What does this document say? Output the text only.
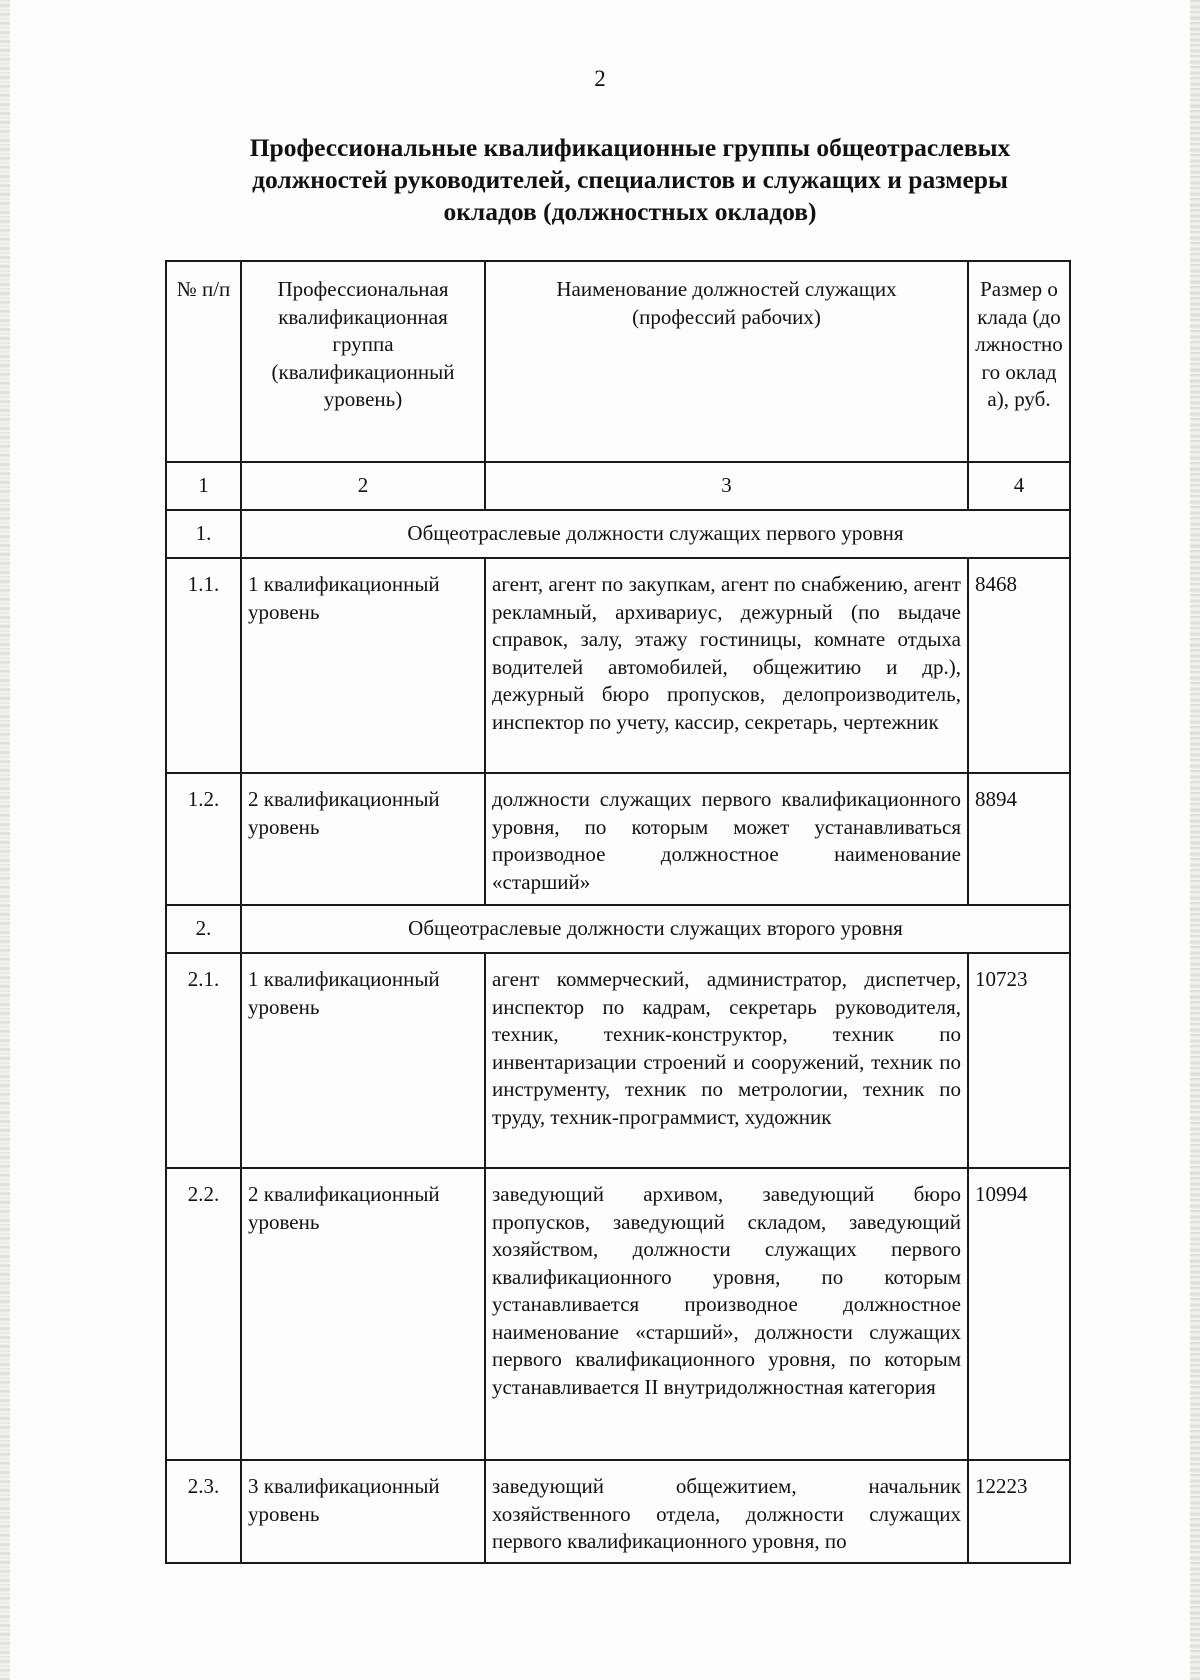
2
Профессиональные квалификационные группы общеотраслевых
должностей руководителей, специалистов и служащих и размеры
окладов (должностных окладов)
№ п/п	Профессиональная квалификационная группа (квалификационный уровень)	Наименование должностей служащих (профессий рабочих)	Размер оклада (должностного оклада), руб.
1	2	3	4
1.	Общеотраслевые должности служащих первого уровня		
1.1.	1 квалификационный уровень	агент, агент по закупкам, агент по снабжению, агент рекламный, архивариус, дежурный (по выдаче справок, залу, этажу гостиницы, комнате отдыха водителей автомобилей, общежитию и др.), дежурный бюро пропусков, делопроизводитель, инспектор по учету, кассир, секретарь, чертежник	8468
1.2.	2 квалификационный уровень	должности служащих первого квалификационного уровня, по которым может устанавливаться производное должностное наименование «старший»	8894
2.	Общеотраслевые должности служащих второго уровня		
2.1.	1 квалификационный уровень	агент коммерческий, администратор, диспетчер, инспектор по кадрам, секретарь руководителя, техник, техник-конструктор, техник по инвентаризации строений и сооружений, техник по инструменту, техник по метрологии, техник по труду, техник-программист, художник	10723
2.2.	2 квалификационный уровень	заведующий архивом, заведующий бюро пропусков, заведующий складом, заведующий хозяйством, должности служащих первого квалификационного уровня, по которым устанавливается производное должностное наименование «старший», должности служащих первого квалификационного уровня, по которым устанавливается II внутридолжностная категория	10994
2.3.	3 квалификационный уровень	заведующий общежитием, начальник хозяйственного отдела, должности служащих первого квалификационного уровня, по	12223
